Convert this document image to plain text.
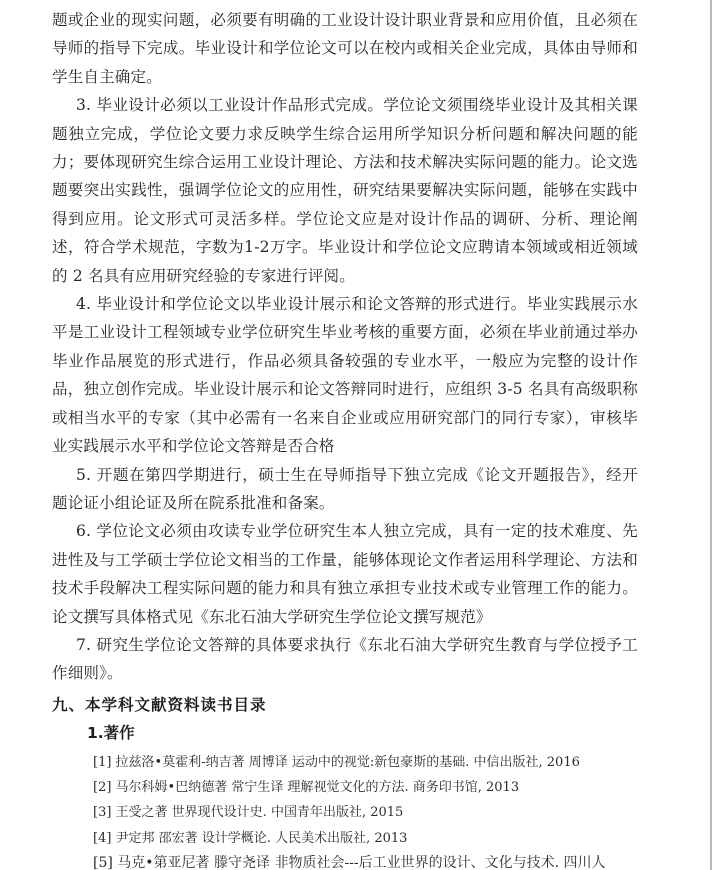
题或企业的现实问题，必须要有明确的工业设计设计职业背景和应用价值，且必须在导师的指导下完成。毕业设计和学位论文可以在校内或相关企业完成，具体由导师和学生自主确定。

3. 毕业设计必须以工业设计作品形式完成。学位论文须围绕毕业设计及其相关课题独立完成，学位论文要力求反映学生综合运用所学知识分析问题和解决问题的能力；要体现研究生综合运用工业设计理论、方法和技术解决实际问题的能力。论文选题要突出实践性，强调学位论文的应用性，研究结果要解决实际问题，能够在实践中得到应用。论文形式可灵活多样。学位论文应是对设计作品的调研、分析、理论阐述，符合学术规范，字数为1-2万字。毕业设计和学位论文应聘请本领域或相近领域的 2 名具有应用研究经验的专家进行评阅。

4. 毕业设计和学位论文以毕业设计展示和论文答辩的形式进行。毕业实践展示水平是工业设计工程领域专业学位研究生毕业考核的重要方面，必须在毕业前通过举办毕业作品展览的形式进行，作品必须具备较强的专业水平，一般应为完整的设计作品，独立创作完成。毕业设计展示和论文答辩同时进行，应组织 3-5 名具有高级职称或相当水平的专家（其中必需有一名来自企业或应用研究部门的同行专家），审核毕业实践展示水平和学位论文答辩是否合格

5. 开题在第四学期进行，硕士生在导师指导下独立完成《论文开题报告》，经开题论证小组论证及所在院系批准和备案。

6. 学位论文必须由攻读专业学位研究生本人独立完成，具有一定的技术难度、先进性及与工学硕士学位论文相当的工作量，能够体现论文作者运用科学理论、方法和技术手段解决工程实际问题的能力和具有独立承担专业技术或专业管理工作的能力。论文撰写具体格式见《东北石油大学研究生学位论文撰写规范》

7. 研究生学位论文答辩的具体要求执行《东北石油大学研究生教育与学位授予工作细则》。

九、本学科文献资料读书目录
1.著作

[1] 拉兹洛•莫霍利-纳吉著 周博译 运动中的视觉:新包豪斯的基础. 中信出版社, 2016

[2] 马尔科姆•巴纳德著 常宁生译 理解视觉文化的方法. 商务印书馆, 2013

[3] 王受之著 世界现代设计史. 中国青年出版社, 2015

[4] 尹定邦 邵宏著 设计学概论. 人民美术出版社, 2013

[5] 马克•第亚尼著 滕守尧译 非物质社会---后工业世界的设计、文化与技术. 四川人
